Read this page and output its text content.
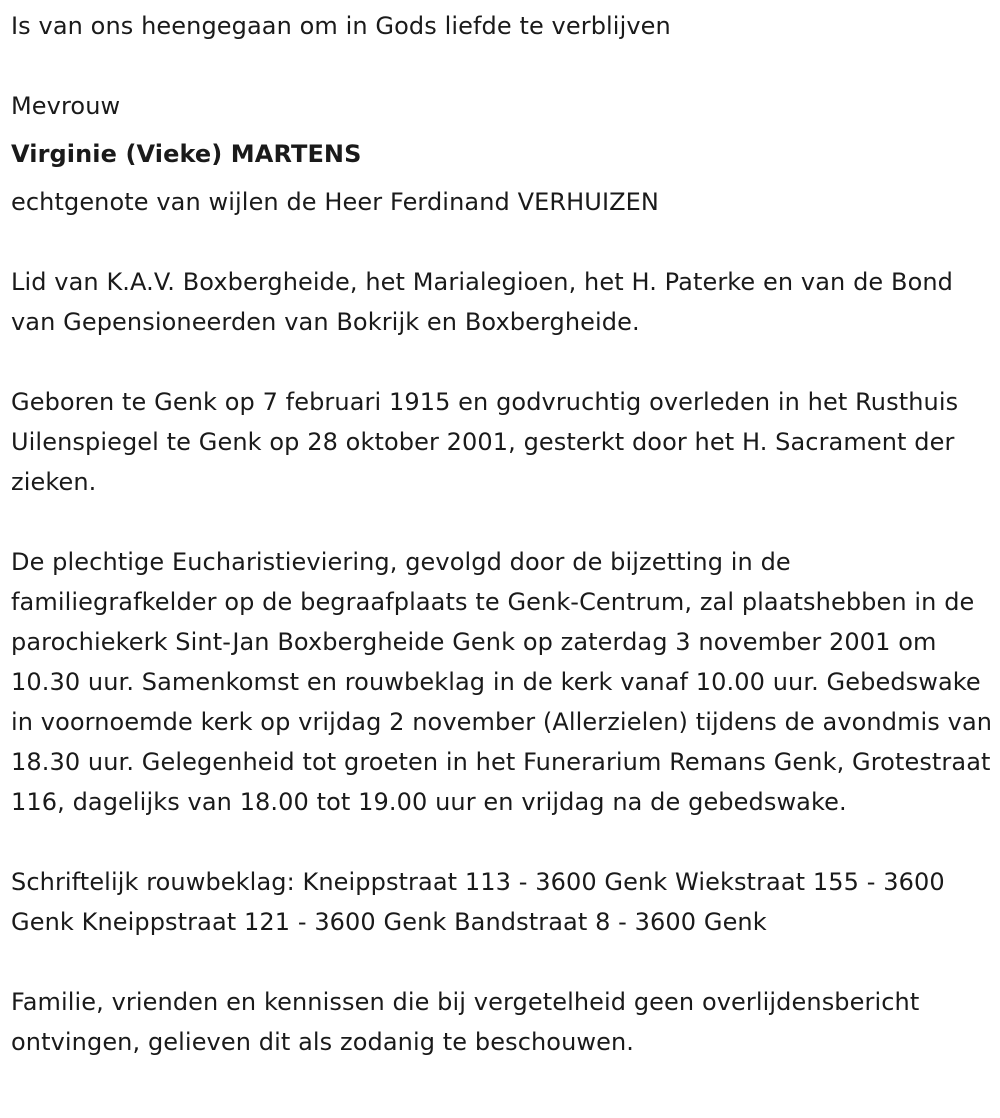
Is van ons heengegaan om in Gods liefde te verblijven

Mevrouw

Virginie (Vieke) MARTENS

echtgenote van wijlen de Heer Ferdinand VERHUIZEN

Lid van K.A.V. Boxbergheide, het Marialegioen, het H. Paterke en van de Bond van Gepensioneerden van Bokrijk en Boxbergheide.

Geboren te Genk op 7 februari 1915 en godvruchtig overleden in het Rusthuis Uilenspiegel te Genk op 28 oktober 2001, gesterkt door het H. Sacrament der zieken.

De plechtige Eucharistieviering, gevolgd door de bijzetting in de familiegrafkelder op de begraafplaats te Genk-Centrum, zal plaatshebben in de parochiekerk Sint-Jan Boxbergheide Genk op zaterdag 3 november 2001 om 10.30 uur. Samenkomst en rouwbeklag in de kerk vanaf 10.00 uur. Gebedswake in voornoemde kerk op vrijdag 2 november (Allerzielen) tijdens de avondmis van 18.30 uur. Gelegenheid tot groeten in het Funerarium Remans Genk, Grotestraat 116, dagelijks van 18.00 tot 19.00 uur en vrijdag na de gebedswake.

Schriftelijk rouwbeklag: Kneippstraat 113 - 3600 Genk Wiekstraat 155 - 3600 Genk Kneippstraat 121 - 3600 Genk Bandstraat 8 - 3600 Genk

Familie, vrienden en kennissen die bij vergetelheid geen overlijdensbericht ontvingen, gelieven dit als zodanig te beschouwen.
